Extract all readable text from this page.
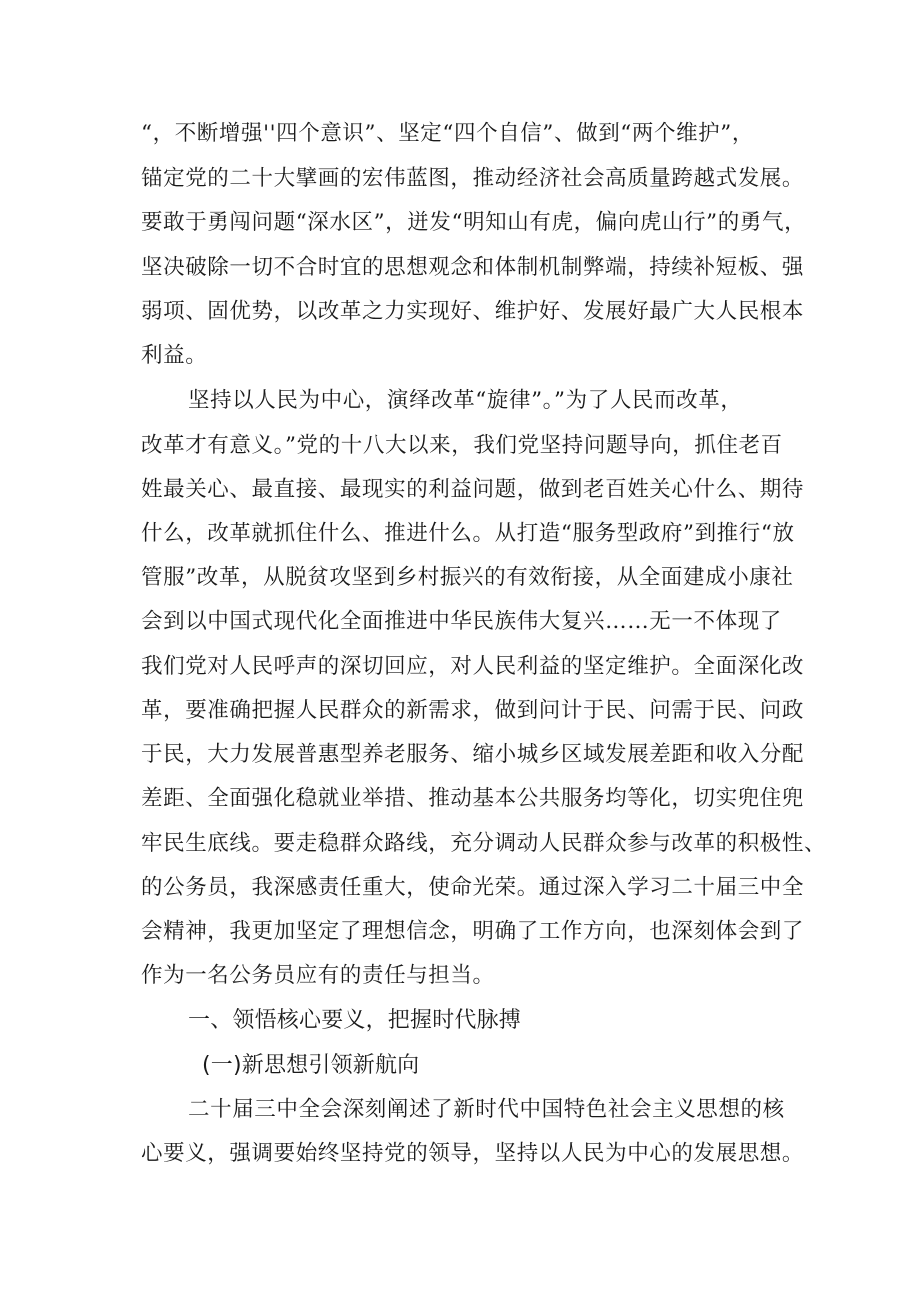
“，不断增强''四个意识”、坚定“四个自信”、做到“两个维护”，
锚定党的二十大擘画的宏伟蓝图，推动经济社会高质量跨越式发展。
要敢于勇闯问题“深水区”，迸发“明知山有虎，偏向虎山行”的勇气，
坚决破除一切不合时宜的思想观念和体制机制弊端，持续补短板、强
弱项、固优势，以改革之力实现好、维护好、发展好最广大人民根本
利益。
坚持以人民为中心，演绎改革“旋律”。”为了人民而改革，
改革才有意义。”党的十八大以来，我们党坚持问题导向，抓住老百
姓最关心、最直接、最现实的利益问题，做到老百姓关心什么、期待
什么，改革就抓住什么、推进什么。从打造“服务型政府”到推行“放
管服”改革，从脱贫攻坚到乡村振兴的有效衔接，从全面建成小康社
会到以中国式现代化全面推进中华民族伟大复兴……无一不体现了
我们党对人民呼声的深切回应，对人民利益的坚定维护。全面深化改
革，要准确把握人民群众的新需求，做到问计于民、问需于民、问政
于民，大力发展普惠型养老服务、缩小城乡区域发展差距和收入分配
差距、全面强化稳就业举措、推动基本公共服务均等化，切实兜住兜
牢民生底线。要走稳群众路线，充分调动人民群众参与改革的积极性、
的公务员，我深感责任重大，使命光荣。通过深入学习二十届三中全
会精神，我更加坚定了理想信念，明确了工作方向，也深刻体会到了
作为一名公务员应有的责任与担当。
一、领悟核心要义，把握时代脉搏
(一)新思想引领新航向
二十届三中全会深刻阐述了新时代中国特色社会主义思想的核
心要义，强调要始终坚持党的领导，坚持以人民为中心的发展思想。
